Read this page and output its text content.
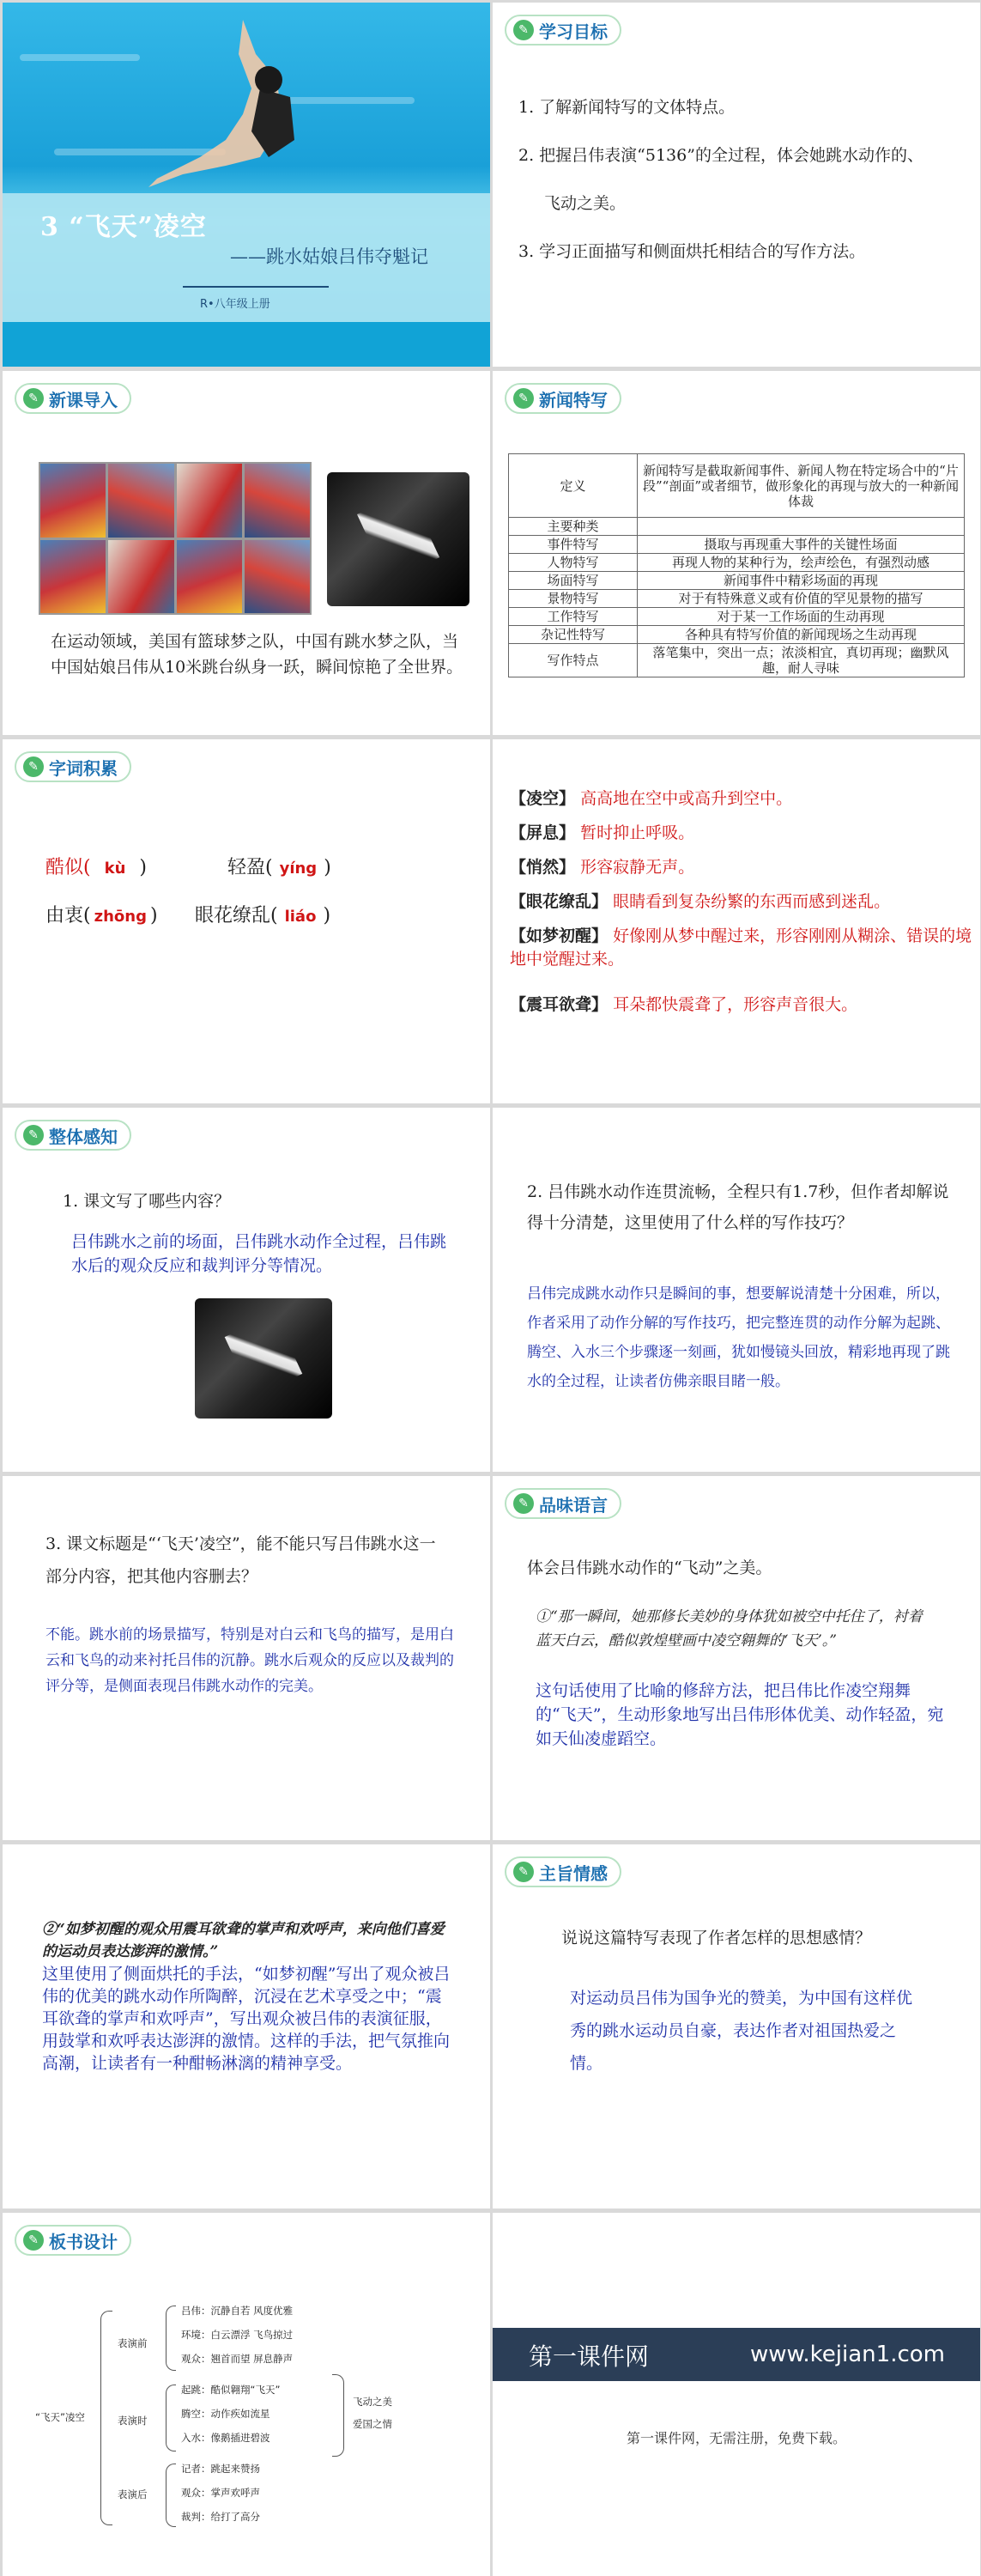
3 “飞天”凌空
——跳水姑娘吕伟夺魁记
R•八年级上册
✎ 学习目标
1. 了解新闻特写的文体特点。
2. 把握吕伟表演“5136”的全过程，体会她跳水动作的、
飞动之美。
3. 学习正面描写和侧面烘托相结合的写作方法。
✎ 新课导入
在运动领域，美国有篮球梦之队，中国有跳水梦之队，当中国姑娘吕伟从10米跳台纵身一跃，瞬间惊艳了全世界。
✎ 新闻特写
定义	新闻特写是截取新闻事件、新闻人物在特定场合中的“片段”“剖面”或者细节，做形象化的再现与放大的一种新闻体裁
主要种类	
事件特写	摄取与再现重大事件的关键性场面
人物特写	再现人物的某种行为，绘声绘色，有强烈动感
场面特写	新闻事件中精彩场面的再现
景物特写	对于有特殊意义或有价值的罕见景物的描写
工作特写	对于某一工作场面的生动再现
杂记性特写	各种具有特写价值的新闻现场之生动再现
写作特点	落笔集中，突出一点；浓淡相宜，真切再现；幽默风趣，耐人寻味
✎ 字词积累
酷似( kù )	轻盈( yíng )
由衷( zhōng ) 眼花缭乱( liáo )
【凌空】 高高地在空中或高升到空中。
【屏息】 暂时抑止呼吸。
【悄然】 形容寂静无声。
【眼花缭乱】 眼睛看到复杂纷繁的东西而感到迷乱。
【如梦初醒】 好像刚从梦中醒过来，形容刚刚从糊涂、错误的境地中觉醒过来。
【震耳欲聋】 耳朵都快震聋了，形容声音很大。
✎ 整体感知
1. 课文写了哪些内容？
吕伟跳水之前的场面，吕伟跳水动作全过程，吕伟跳水后的观众反应和裁判评分等情况。
2. 吕伟跳水动作连贯流畅，全程只有1.7秒，但作者却解说得十分清楚，这里使用了什么样的写作技巧？
吕伟完成跳水动作只是瞬间的事，想要解说清楚十分困难，所以，作者采用了动作分解的写作技巧，把完整连贯的动作分解为起跳、腾空、入水三个步骤逐一刻画，犹如慢镜头回放，精彩地再现了跳水的全过程，让读者仿佛亲眼目睹一般。
3. 课文标题是“‘飞天’凌空”，能不能只写吕伟跳水这一部分内容，把其他内容删去？
不能。跳水前的场景描写，特别是对白云和飞鸟的描写，是用白云和飞鸟的动来衬托吕伟的沉静。跳水后观众的反应以及裁判的评分等，是侧面表现吕伟跳水动作的完美。
✎ 品味语言
体会吕伟跳水动作的“飞动”之美。
①“那一瞬间，她那修长美妙的身体犹如被空中托住了，衬着蓝天白云，酷似敦煌壁画中凌空翱舞的‘飞天’。”
这句话使用了比喻的修辞方法，把吕伟比作凌空翔舞的“飞天”，生动形象地写出吕伟形体优美、动作轻盈，宛如天仙凌虚蹈空。
②“如梦初醒的观众用震耳欲聋的掌声和欢呼声，来向他们喜爱的运动员表达澎湃的激情。”
这里使用了侧面烘托的手法，“如梦初醒”写出了观众被吕伟的优美的跳水动作所陶醉，沉浸在艺术享受之中；“震耳欲聋的掌声和欢呼声”，写出观众被吕伟的表演征服，用鼓掌和欢呼表达澎湃的激情。这样的手法，把气氛推向高潮，让读者有一种酣畅淋漓的精神享受。
✎ 主旨情感
说说这篇特写表现了作者怎样的思想感情？
对运动员吕伟为国争光的赞美，为中国有这样优秀的跳水运动员自豪，表达作者对祖国热爱之情。
✎ 板书设计
“飞天”凌空
表演前
表演时
表演后
吕伟：沉静自若 风度优雅
环境：白云漂浮 飞鸟掠过
观众：翘首而望 屏息静声
起跳：酷似翱翔“飞天”
腾空：动作疾如流星
入水：像鹅插进碧波
记者：跳起来赞扬
观众：掌声欢呼声
裁判：给打了高分
飞动之美
爱国之情
第一课件网	www.kejian1.com
第一课件网，无需注册，免费下载。
